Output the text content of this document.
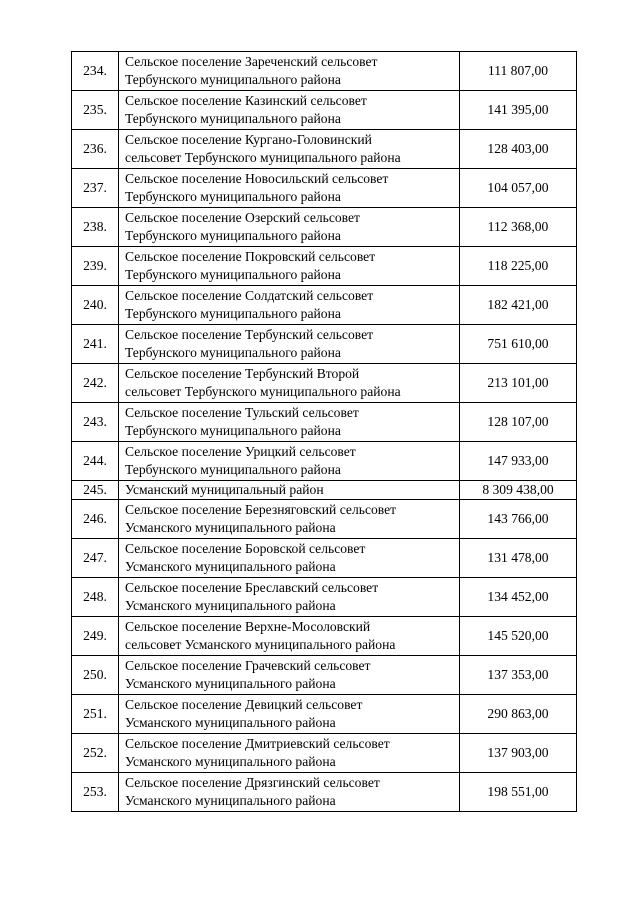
234.	Сельское поселение Зареченский сельсовет
Тербунского муниципального района	111 807,00
235.	Сельское поселение Казинский сельсовет
Тербунского муниципального района	141 395,00
236.	Сельское поселение Кургано-Головинский
сельсовет Тербунского муниципального района	128 403,00
237.	Сельское поселение Новосильский сельсовет
Тербунского муниципального района	104 057,00
238.	Сельское поселение Озерский сельсовет
Тербунского муниципального района	112 368,00
239.	Сельское поселение Покровский сельсовет
Тербунского муниципального района	118 225,00
240.	Сельское поселение Солдатский сельсовет
Тербунского муниципального района	182 421,00
241.	Сельское поселение Тербунский сельсовет
Тербунского муниципального района	751 610,00
242.	Сельское поселение Тербунский Второй
сельсовет Тербунского муниципального района	213 101,00
243.	Сельское поселение Тульский сельсовет
Тербунского муниципального района	128 107,00
244.	Сельское поселение Урицкий сельсовет
Тербунского муниципального района	147 933,00
245.	Усманский муниципальный район	8 309 438,00
246.	Сельское поселение Березняговский сельсовет
Усманского муниципального района	143 766,00
247.	Сельское поселение Боровской сельсовет
Усманского муниципального района	131 478,00
248.	Сельское поселение Бреславский сельсовет
Усманского муниципального района	134 452,00
249.	Сельское поселение Верхне-Мосоловский
сельсовет Усманского муниципального района	145 520,00
250.	Сельское поселение Грачевский сельсовет
Усманского муниципального района	137 353,00
251.	Сельское поселение Девицкий сельсовет
Усманского муниципального района	290 863,00
252.	Сельское поселение Дмитриевский сельсовет
Усманского муниципального района	137 903,00
253.	Сельское поселение Дрязгинский сельсовет
Усманского муниципального района	198 551,00
